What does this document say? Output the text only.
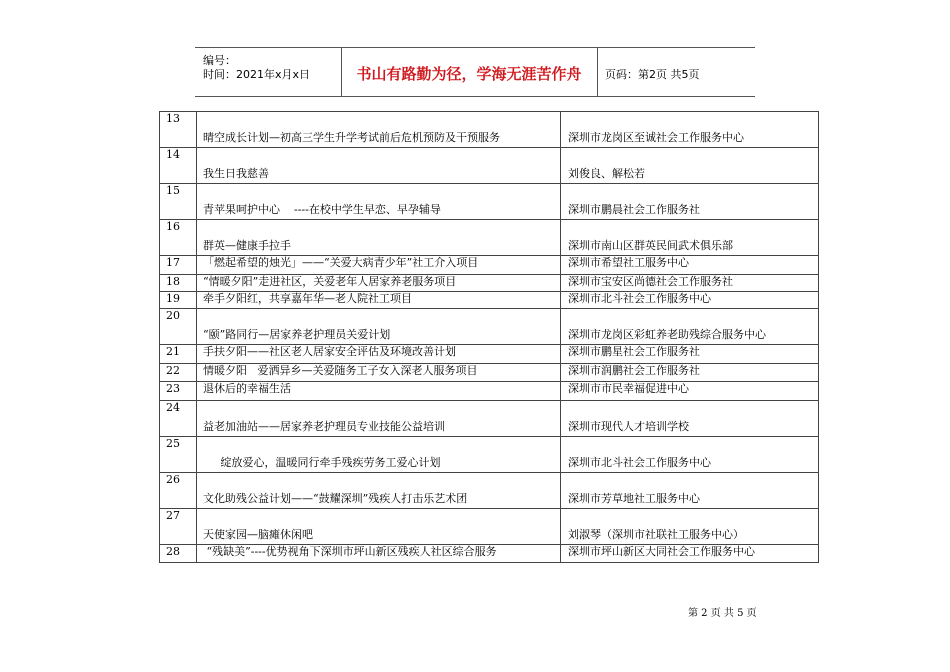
编号：
时间：2021年x月x日	书山有路勤为径，学海无涯苦作舟	页码：第2页 共5页
13	晴空成长计划—初高三学生升学考试前后危机预防及干预服务	深圳市龙岗区至诚社会工作服务中心

14	我生日我慈善	刘俊良、解松若

15	青苹果呵护中心    ----在校中学生早恋、早孕辅导	深圳市鹏晨社会工作服务社

16	群英—健康手拉手	深圳市南山区群英民间武术俱乐部

17	「燃起希望的烛光」——“关爱大病青少年”社工介入项目	深圳市希望社工服务中心

18	“情暖夕阳”走进社区，关爱老年人居家养老服务项目	深圳市宝安区尚德社会工作服务社

19	牵手夕阳红，共享嘉年华—老人院社工项目	深圳市北斗社会工作服务中心

20	“颐”路同行—居家养老护理员关爱计划	深圳市龙岗区彩虹养老助残综合服务中心

21	手扶夕阳——社区老人居家安全评估及环境改善计划	深圳市鹏星社会工作服务社

22	情暖夕阳   爱洒异乡—关爱随务工子女入深老人服务项目	深圳市润鹏社会工作服务社

23	退休后的幸福生活	深圳市市民幸福促进中心

24	益老加油站——居家养老护理员专业技能公益培训	深圳市现代人才培训学校

25	绽放爱心，温暖同行牵手残疾劳务工爱心计划	深圳市北斗社会工作服务中心

26	文化助残公益计划——“鼓耀深圳”残疾人打击乐艺术团	深圳市芳草地社工服务中心

27	天使家园—脑瘫休闲吧	刘淑琴（深圳市社联社工服务中心）

28	“残缺美”----优势视角下深圳市坪山新区残疾人社区综合服务	深圳市坪山新区大同社会工作服务中心
第 2 页 共 5 页
